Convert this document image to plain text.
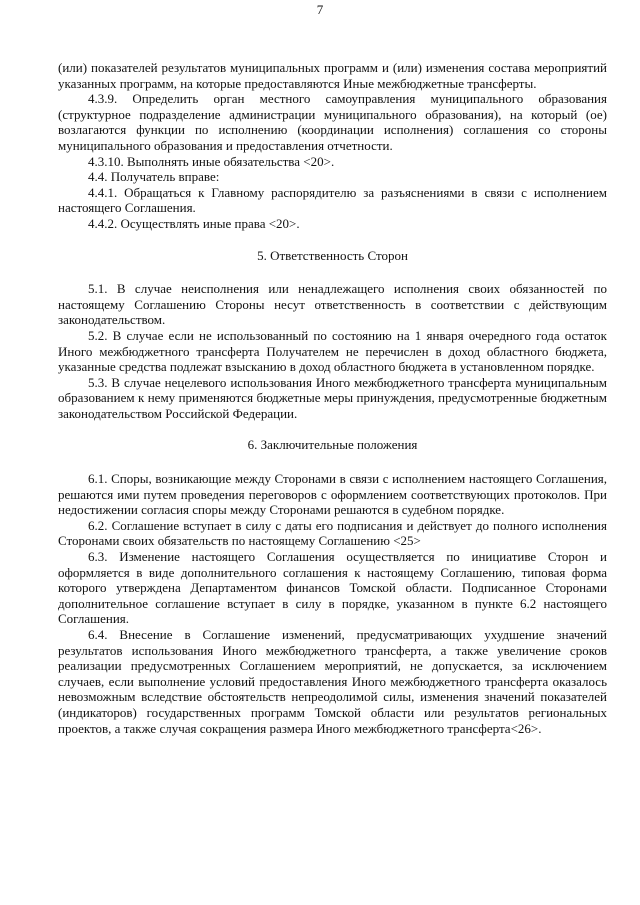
7

(или) показателей результатов муниципальных программ и (или) изменения состава мероприятий указанных программ, на которые предоставляются Иные межбюджетные трансферты.

4.3.9. Определить орган местного самоуправления муниципального образования (структурное подразделение администрации муниципального образования), на который (ое) возлагаются функции по исполнению (координации исполнения) соглашения со стороны муниципального образования и предоставления отчетности.

4.3.10. Выполнять иные обязательства <20>.

4.4. Получатель вправе:

4.4.1. Обращаться к Главному распорядителю за разъяснениями в связи с исполнением настоящего Соглашения.

4.4.2. Осуществлять иные права <20>.

5. Ответственность Сторон

5.1. В случае неисполнения или ненадлежащего исполнения своих обязанностей по настоящему Соглашению Стороны несут ответственность в соответствии с действующим законодательством.

5.2. В случае если не использованный по состоянию на 1 января очередного года остаток Иного межбюджетного трансферта Получателем не перечислен в доход областного бюджета, указанные средства подлежат взысканию в доход областного бюджета в установленном порядке.

5.3. В случае нецелевого использования Иного межбюджетного трансферта муниципальным образованием к нему применяются бюджетные меры принуждения, предусмотренные бюджетным законодательством Российской Федерации.

6. Заключительные положения

6.1. Споры, возникающие между Сторонами в связи с исполнением настоящего Соглашения, решаются ими путем проведения переговоров с оформлением соответствующих протоколов. При недостижении согласия споры между Сторонами решаются в судебном порядке.

6.2. Соглашение вступает в силу с даты его подписания и действует до полного исполнения Сторонами своих обязательств по настоящему Соглашению <25>

6.3. Изменение настоящего Соглашения осуществляется по инициативе Сторон и оформляется в виде дополнительного соглашения к настоящему Соглашению, типовая форма которого утверждена Департаментом финансов Томской области. Подписанное Сторонами дополнительное соглашение вступает в силу в порядке, указанном в пункте 6.2 настоящего Соглашения.

6.4. Внесение в Соглашение изменений, предусматривающих ухудшение значений результатов использования Иного межбюджетного трансферта, а также увеличение сроков реализации предусмотренных Соглашением мероприятий, не допускается, за исключением случаев, если выполнение условий предоставления Иного межбюджетного трансферта оказалось невозможным вследствие обстоятельств непреодолимой силы, изменения значений показателей (индикаторов) государственных программ Томской области или результатов региональных проектов, а также случая сокращения размера Иного межбюджетного трансферта<26>.
